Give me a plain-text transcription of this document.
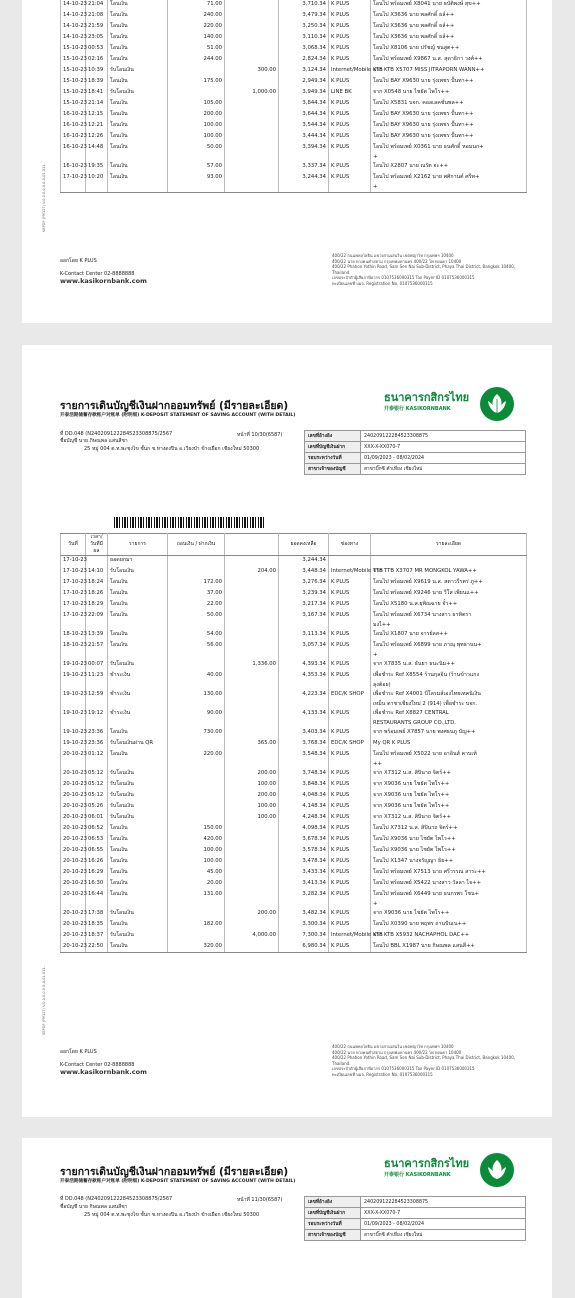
14-10-23	21:04	โอนเงิน	71.00		3,710.34	K PLUS	โอนไป พร้อมเพย์ X8041 นาย ธบัติพงษ์ สุข++
14-10-23	21:08	โอนเงิน	240.00		3,479.34	K PLUS	โอนไป X3636 นาย พลศักดิ์ ธล์++
14-10-23	21:59	โอนเงิน	220.00		3,250.34	K PLUS	โอนไป X3636 นาย พลศักดิ์ ธล์++
14-10-23	23:05	โอนเงิน	140.00		3,110.34	K PLUS	โอนไป X3636 นาย พลศักดิ์ ธล์++
15-10-23	00:53	โอนเงิน	51.00		3,068.34	K PLUS	โอนไป X8106 นาย ปรัชญ์ ชนสูต++
15-10-23	02:16	โอนเงิน	244.00		2,824.34	K PLUS	โอนไป พร้อมเพย์ X9867 น.ส. สุดาธิกา วงศ์++
15-10-23	10:39	รับโอนเงิน		300.00	3,124.34	Internet/Mobile KTB	จาก KTB X5707 MISS JITRAPORN WANN++
15-10-23	18:39	โอนเงิน	175.00		2,949.34	K PLUS	โอนไป BAY X9630 นาย รุ่งเพชร ปั้นทา++
15-10-23	18:41	รับโอนเงิน		1,000.00	3,949.34	LINE BK	จาก X0548 นาย ไชยัต ไพโร++
15-10-23	21:14	โอนเงิน	105.00		3,844.34	K PLUS	โอนไป X5831 บจก. คอลเลคชั่นพล++
16-10-23	12:15	โอนเงิน	200.00		3,644.34	K PLUS	โอนไป BAY X9630 นาย รุ่งเพชร ปั้นทา++
16-10-23	12:21	โอนเงิน	100.00		3,544.34	K PLUS	โอนไป BAY X9630 นาย รุ่งเพชร ปั้นทา++
16-10-23	12:26	โอนเงิน	100.00		3,444.34	K PLUS	โอนไป BAY X9630 นาย รุ่งเพชร ปั้นทา++
16-10-23	14:48	โอนเงิน	50.00		3,394.34	K PLUS	โอนไป พร้อมเพย์ X0361 นาย ธนศักดิ์ หอมนก+
							+
16-10-23	19:35	โอนเงิน	57.00		3,337.34	K PLUS	โอนไป X2807 นาย ณรัต จะ++
17-10-23	10:20	โอนเงิน	93.00		3,244.34	K PLUS	โอนไป พร้อมเพย์ X2162 นาย ศศิกานต์ ศรีท+
							+
KBPDF (FM127) V.0.0.0-0.0.0-0-01-011-
ออกโดย K PLUS
K-Contact Center 02-8888888
www.kasikornbank.com
400/22 ถนนพหลโยธิน แขวงสามเสนใน เขตพญาไท กรุงเทพฯ 10400
400/22 นาย หวงคนคำสยาม กรุงเทพมหานคร 400/22 โพ ทงนคา 10400
400/22 Phahon Yothin Road, Sam Sen Nai Sub-District, Phaya Thai District, Bangkok 10400, Thailand.
เลขประจำตัวผู้เสียภาษีอากร 0107536000315 Tax Payer ID 0107536000315
ทะเบียนเลขที่ บมจ. Registration No. 0107536000315
รายการเดินบัญชีเงินฝากออมทรัพย์ (มีรายละเอียด)
开泰活期储蓄存款账户对账单 (附明细) K-DEPOSIT STATEMENT OF SAVING ACCOUNT (WITH DETAIL)
ที่ DD.048 (N240209122284523308875/2567	หน้าที่ 10/30(6587)
ชื่อบัญชี นาย ภิษณพล แสนสีชา
25 หมู่ 004 ต.ท.พะชุงไข ชั้นก ช.หางดงปิน อ.เวียงป่า ข้างเผือก เชียงใหม่ 50300
ธนาคารกสิกรไทย
开泰银行 KASIKORNBANK
เลขที่อ้างอิง	240209122284523308875
เลขที่บัญชีเงินฝาก	XXX-X-XX070-7
รอบระหว่างวันที่	01/09/2023 - 08/02/2024
สาขาเจ้าของบัญชี	สาขาบิ๊กซี คำเที่ยง เชียงใหม่
วันที่	เวลา/ วันที่มีผล	รายการ	ถอนเงิน / ฝากเงิน		ยอดคงเหลือ	ช่องทาง	รายละเอียด
17-10-23		ยอดยกมา			3,244.34		
17-10-23	14:10	รับโอนเงิน		204.00	3,448.34	Internet/Mobile TTB	จาก TTB X3707 MR MONGKOL YAWA++
17-10-23	18:24	โอนเงิน	172.00		3,276.34	K PLUS	โอนไป พร้อมเพย์ X9619 น.ส. สตาวรีรตร่ ภู++
17-10-23	18:26	โอนเงิน	37.00		3,239.34	K PLUS	โอนไป พร้อมเพย์ X9246 นาย วีโส เพียนแ++
17-10-23	18:29	โอนเงิน	22.00		3,217.34	K PLUS	โอนไป X5180 น.ส.ยุพิณฉาย จั๋ว++
17-10-23	22:09	โอนเงิน	50.00		3,167.34	K PLUS	โอนไป พร้อมเพย์ X6734 นางสาว ธาทิตรา
							มงไ++
18-10-23	13:39	โอนเงิน	54.00		3,113.34	K PLUS	โอนไป X1807 นาย จารย์ลส++
18-10-23	21:57	โอนเงิน	56.00		3,057.34	K PLUS	โอนไป พร้อมเพย์ X6899 นาย ภาณุ พุทธานน+
							+
19-10-23	00:07	รับโอนเงิน		1,336.00	4,393.34	K PLUS	จาก X7835 น.ส. ธันยา ธนะนิม++
19-10-23	11:23	ชำระเงิน	40.00		4,353.34	K PLUS	เพื่อชำระ Ref X8554 ร้านกุลจิน (ร้านข้าวแกง
							ลุงต้อย)
19-10-23	12:59	ชำระเงิน	130.00		4,223.34	EDC/K SHOP	เพื่อชำระ Ref X4001 บีโลรมส์เองไทยเทคนิเงิน
							เหม็น ตาชาเชียงใหม่ 2 (914) เพื่อชำระ บจก.
19-10-23	19:12	ชำระเงิน	90.00		4,133.34	K PLUS	เพื่อชำระ Ref X8827 CENTRAL
							RESTAURANTS GROUP CO.,LTD.
19-10-23	23:36	โอนเงิน	730.00		3,403.34	K PLUS	จาก พร้อมเพย์ X7857 นาย พงศธนภู บัญ++
19-10-23	23:36	รับโอนเงินผ่าน QR		365.00	3,768.34	EDC/K SHOP	My QR K PLUS
20-10-23	01:12	โอนเงิน	220.00		3,548.34	K PLUS	โอนไป พร้อมเพย์ X5022 นาย อาอินส์ คาบเท้
							++
20-10-23	05:12	รับโอนเงิน		200.00	3,748.34	K PLUS	จาก X7312 น.ส. สิปินาถ จิตร์++
20-10-23	05:12	รับโอนเงิน		100.00	3,848.34	K PLUS	จาก X9036 นาย ไชยัต ไพโร++
20-10-23	05:12	รับโอนเงิน		200.00	4,048.34	K PLUS	จาก X9036 นาย ไชยัต ไพโร++
20-10-23	05:26	รับโอนเงิน		100.00	4,148.34	K PLUS	จาก X9036 นาย ไชยัต ไพโร++
20-10-23	06:01	รับโอนเงิน		100.00	4,248.34	K PLUS	จาก X7312 น.ส. สิปินาถ จิตร์++
20-10-23	06:52	โอนเงิน	150.00		4,098.34	K PLUS	โอนไป X7312 น.ส. สิปินาถ จิตร์++
20-10-23	06:53	โอนเงิน	420.00		3,678.34	K PLUS	โอนไป X9036 นาย ไชยัต ไพโร++
20-10-23	06:55	โอนเงิน	100.00		3,578.34	K PLUS	โอนไป X9036 นาย ไชยัต ไพโร++
20-10-23	16:26	โอนเงิน	100.00		3,478.34	K PLUS	โอนไป X1347 นางจรัญญา ธิย++
20-10-23	16:29	โอนเงิน	45.00		3,433.34	K PLUS	โอนไป พร้อมเพย์ X7513 นาย ศรีวรรณ สาระ++
20-10-23	16:30	โอนเงิน	20.00		3,413.34	K PLUS	โอนไป พร้อมเพย์ X5422 นางสาว วัลลา ไจ++
20-10-23	16:44	โอนเงิน	131.00		3,282.34	K PLUS	โอนไป พร้อมเพย์ X6449 นาย ธนกรพร โชน+
							+
20-10-23	17:38	รับโอนเงิน		200.00	3,482.34	K PLUS	จาก X9036 นาย ไชยัต ไพโร++
20-10-23	18:35	โอนเงิน	182.00		3,300.34	K PLUS	โอนไป X0390 นาย พฤพร ถานปันเน++
20-10-23	18:37	รับโอนเงิน		4,000.00	7,300.34	Internet/Mobile KTB	จาก KTB X5932 NACHAPHOL DAC++
20-10-23	22:50	โอนเงิน	320.00		6,980.34	K PLUS	โอนไป BBL X1987 นาย กิษณพล แสนสี++
KBPDF (FM127) V.0.0.0-0.0.0-0-01-011-
ออกโดย K PLUS
K-Contact Center 02-8888888
www.kasikornbank.com
400/22 ถนนพหลโยธิน แขวงสามเสนใน เขตพญาไท กรุงเทพฯ 10400
400/22 นาย หวงคนคำสยาม กรุงเทพมหานคร 400/22 โพ ทงนคา 10400
400/22 Phahon Yothin Road, Sam Sen Nai Sub-District, Phaya Thai District, Bangkok 10400, Thailand.
เลขประจำตัวผู้เสียภาษีอากร 0107536000315 Tax Payer ID 0107536000315
ทะเบียนเลขที่ บมจ. Registration No. 0107536000315
รายการเดินบัญชีเงินฝากออมทรัพย์ (มีรายละเอียด)
开泰活期储蓄存款账户对账单 (附明细) K-DEPOSIT STATEMENT OF SAVING ACCOUNT (WITH DETAIL)
ที่ DD.048 (N240209122284523308875/2567	หน้าที่ 11/30(6587)
ชื่อบัญชี นาย กิษณพล แสนสีชา
25 หมู่ 004 ต.ท.พะชุงไข ชั้นก ช.หางดงปิน อ.เวียงป่า ข้างเผือก เชียงใหม่ 50300
ธนาคารกสิกรไทย
开泰银行 KASIKORNBANK
เลขที่อ้างอิง	240209122284523308875
เลขที่บัญชีเงินฝาก	XXX-X-XX070-7
รอบระหว่างวันที่	01/09/2023 - 08/02/2024
สาขาเจ้าของบัญชี	สาขาบิ๊กซี คำเที่ยง เชียงใหม่
